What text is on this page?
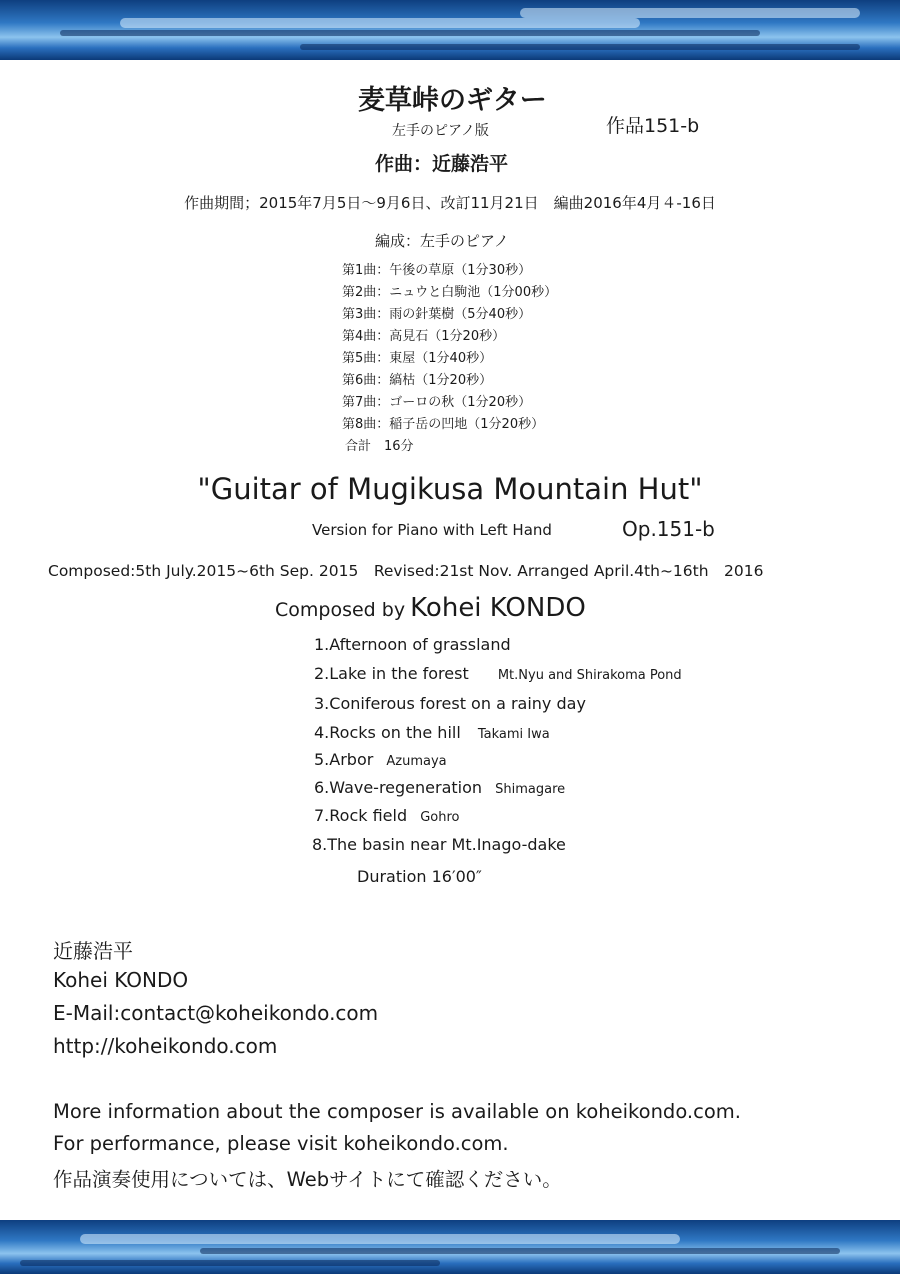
麦草峠のギター
左手のピアノ版	作品151-b
作曲：近藤浩平
作曲期間；2015年7月5日～9月6日、改訂11月21日　編曲2016年4月４-16日
編成：左手のピアノ
第1曲：午後の草原（1分30秒）
第2曲：ニュウと白駒池（1分00秒）
第3曲：雨の針葉樹（5分40秒）
第4曲：高見石（1分20秒）
第5曲：東屋（1分40秒）
第6曲：縞枯（1分20秒）
第7曲：ゴーロの秋（1分20秒）
第8曲：稲子岳の凹地（1分20秒）
合計　16分
"Guitar of Mugikusa Mountain Hut"
Version for Piano with Left Hand	Op.151-b
Composed:5th July.2015~6th Sep. 2015　Revised:21st Nov. Arranged April.4th~16th　2016
Composed by Kohei KONDO
1.Afternoon of grassland
2.Lake in the forest Mt.Nyu and Shirakoma Pond
3.Coniferous forest on a rainy day
4.Rocks on the hill Takami Iwa
5.Arbor Azumaya
6.Wave-regeneration Shimagare
7.Rock field Gohro
8.The basin near Mt.Inago-dake
Duration 16′00″
近藤浩平
Kohei KONDO
E-Mail:contact@koheikondo.com
http://koheikondo.com
More information about the composer is available on koheikondo.com.
For performance, please visit koheikondo.com.
作品演奏使用については、Webサイトにて確認ください。
